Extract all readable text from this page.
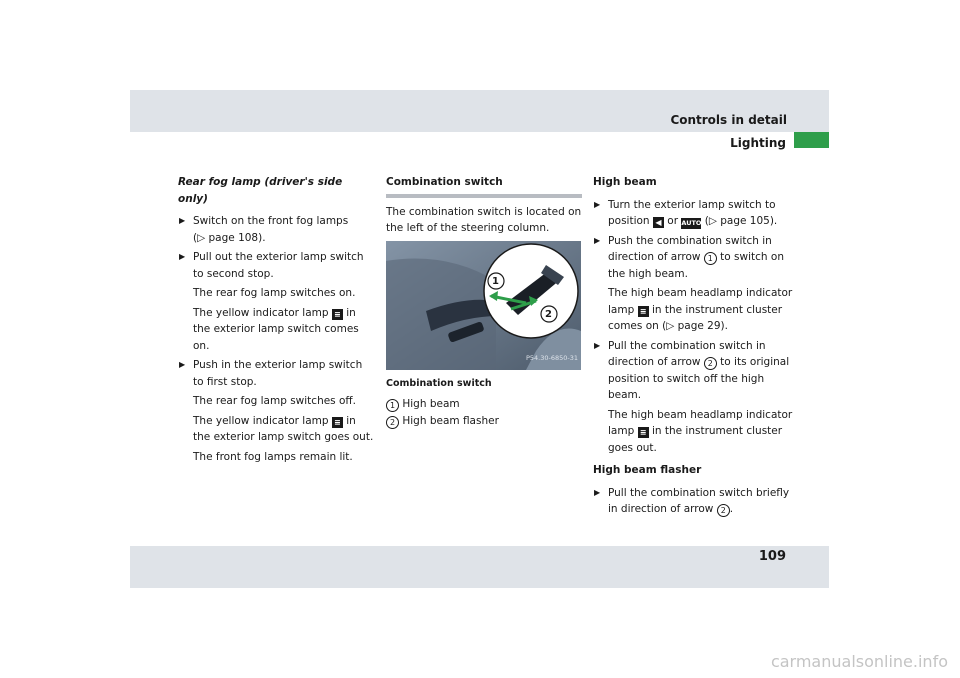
Controls in detail
Lighting

Rear fog lamp (driver's side only)

▶ Switch on the front fog lamps
(▷ page 108).

▶ Pull out the exterior lamp switch to second stop.

The rear fog lamp switches on.

The yellow indicator lamp ≡ in the exterior lamp switch comes on.

▶ Push in the exterior lamp switch to first stop.

The rear fog lamp switches off.

The yellow indicator lamp ≡ in the exterior lamp switch goes out.

The front fog lamps remain lit.

Combination switch

The combination switch is located on the left of the steering column.

1
2
P54.30-6850-31

Combination switch

1 High beam

2 High beam flasher

High beam

▶ Turn the exterior lamp switch to position ◀ or AUTO (▷ page 105).

▶ Push the combination switch in direction of arrow 1 to switch on the high beam.

The high beam headlamp indicator lamp ≡ in the instrument cluster comes on (▷ page 29).

▶ Pull the combination switch in direction of arrow 2 to its original position to switch off the high beam.

The high beam headlamp indicator lamp ≡ in the instrument cluster goes out.

High beam flasher

▶ Pull the combination switch briefly in direction of arrow 2 .

109
carmanualsonline.info
